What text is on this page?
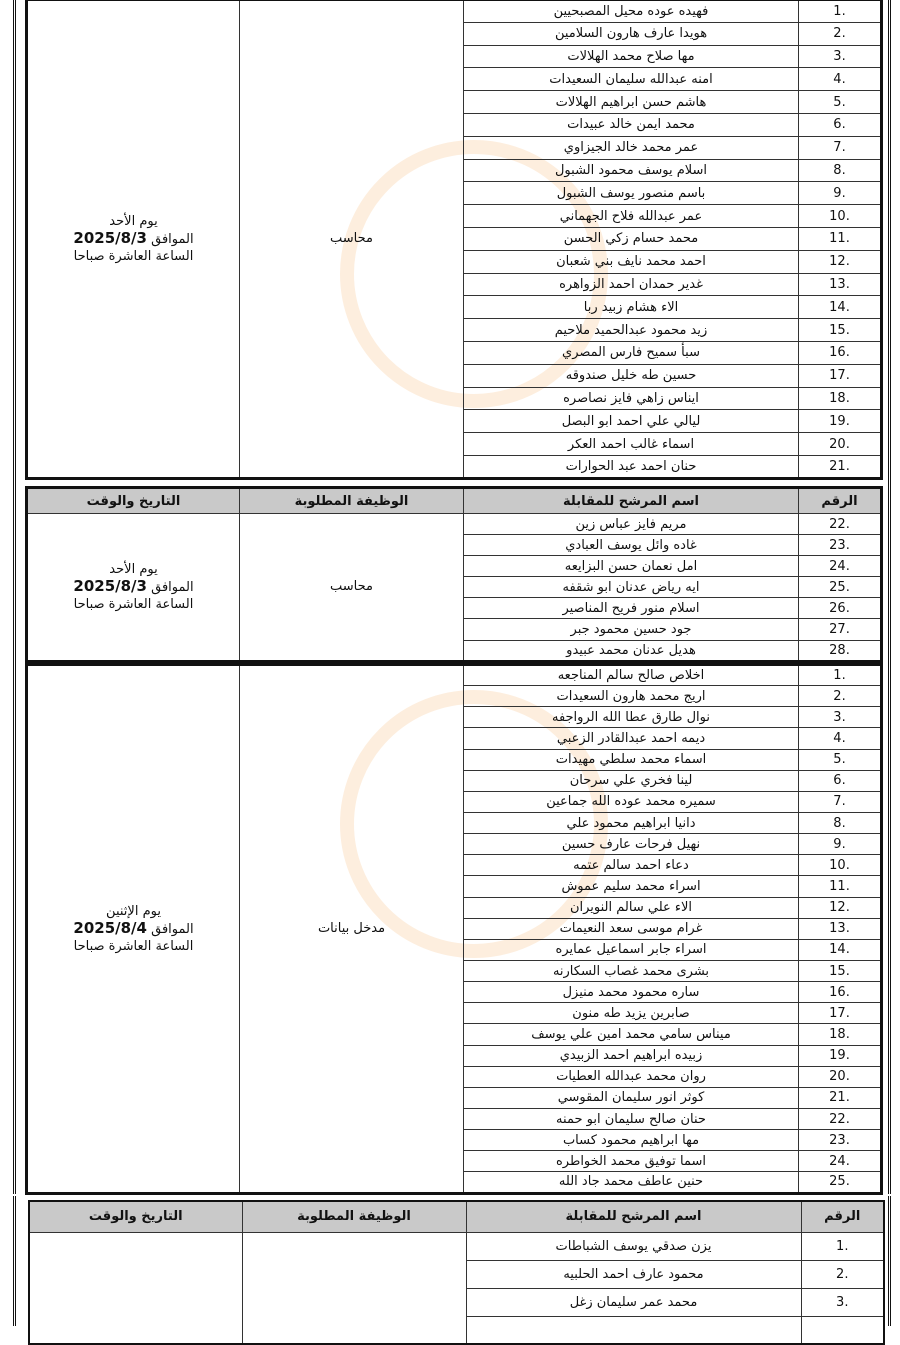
1.	فهيده عوده محيل المصبحيين	محاسب	يوم الأحد
الموافق 2025/8/3
الساعة العاشرة صباحا

2.	هويدا عارف هارون السلامين		
3.	مها صلاح محمد الهلالات		
4.	امنه عبدالله سليمان السعيدات		
5.	هاشم حسن ابراهيم الهلالات		
6.	محمد ايمن خالد عبيدات		
7.	عمر محمد خالد الجيزاوي		
8.	اسلام يوسف محمود الشبول		
9.	باسم منصور يوسف الشبول		
10.	عمر عبدالله فلاح الجهماني		
11.	محمد حسام زكي الحسن		
12.	احمد محمد نايف بني شعبان		
13.	غدير حمدان احمد الزواهره		
14.	الاء هشام زبيد ربا		
15.	زيد محمود عبدالحميد ملاحيم		
16.	سبأ سميح فارس المصري		
17.	حسين طه خليل صندوقه		
18.	ايناس زاهي فايز نصاصره		
19.	ليالي علي احمد ابو البصل		
20.	اسماء غالب احمد العكر		
21.	حنان احمد عبد الحوارات		
الرقم	اسم المرشح للمقابلة	الوظيفة المطلوبة	التاريخ والوقت
22.	مريم فايز عباس زين	محاسب	يوم الأحد
الموافق 2025/8/3
الساعة العاشرة صباحا

23.	غاده وائل يوسف العبادي		
24.	امل نعمان حسن البزايعه		
25.	ايه رياض عدنان ابو شقفه		
26.	اسلام منور فريح المناصير		
27.	جود حسين محمود جبر		
28.	هديل عدنان محمد عبيدو		
1.	اخلاص صالح سالم المناجعه	مدخل بيانات	يوم الإثنين
الموافق 2025/8/4
الساعة العاشرة صباحا

2.	اريج محمد هارون السعيدات		
3.	نوال طارق عطا الله الرواجفه		
4.	ديمه احمد عبدالقادر الزعبي		
5.	اسماء محمد سلطي مهيدات		
6.	لينا فخري علي سرحان		
7.	سميره محمد عوده الله جماعين		
8.	دانيا ابراهيم محمود علي		
9.	نهيل فرحات عارف حسين		
10.	دعاء احمد سالم عتمه		
11.	اسراء محمد سليم عموش		
12.	الاء علي سالم النويران		
13.	غرام موسى سعد النعيمات		
14.	اسراء جابر اسماعيل عمايره		
15.	بشرى محمد غصاب السكارنه		
16.	ساره محمود محمد منيزل		
17.	صابرين يزيد طه منون		
18.	ميناس سامي محمد امين علي يوسف		
19.	زبيده ابراهيم احمد الزبيدي		
20.	روان محمد عبدالله العطيات		
21.	كوثر انور سليمان المقوسي		
22.	حنان صالح سليمان ابو حمنه		
23.	مها ابراهيم محمود كساب		
24.	اسما توفيق محمد الخواطره		
25.	حنين عاطف محمد جاد الله		
الرقم	اسم المرشح للمقابلة	الوظيفة المطلوبة	التاريخ والوقت
1.	يزن صدقي يوسف الشباطات		

2.	محمود عارف احمد الحلبيه		
3.	محمد عمر سليمان زغل		
